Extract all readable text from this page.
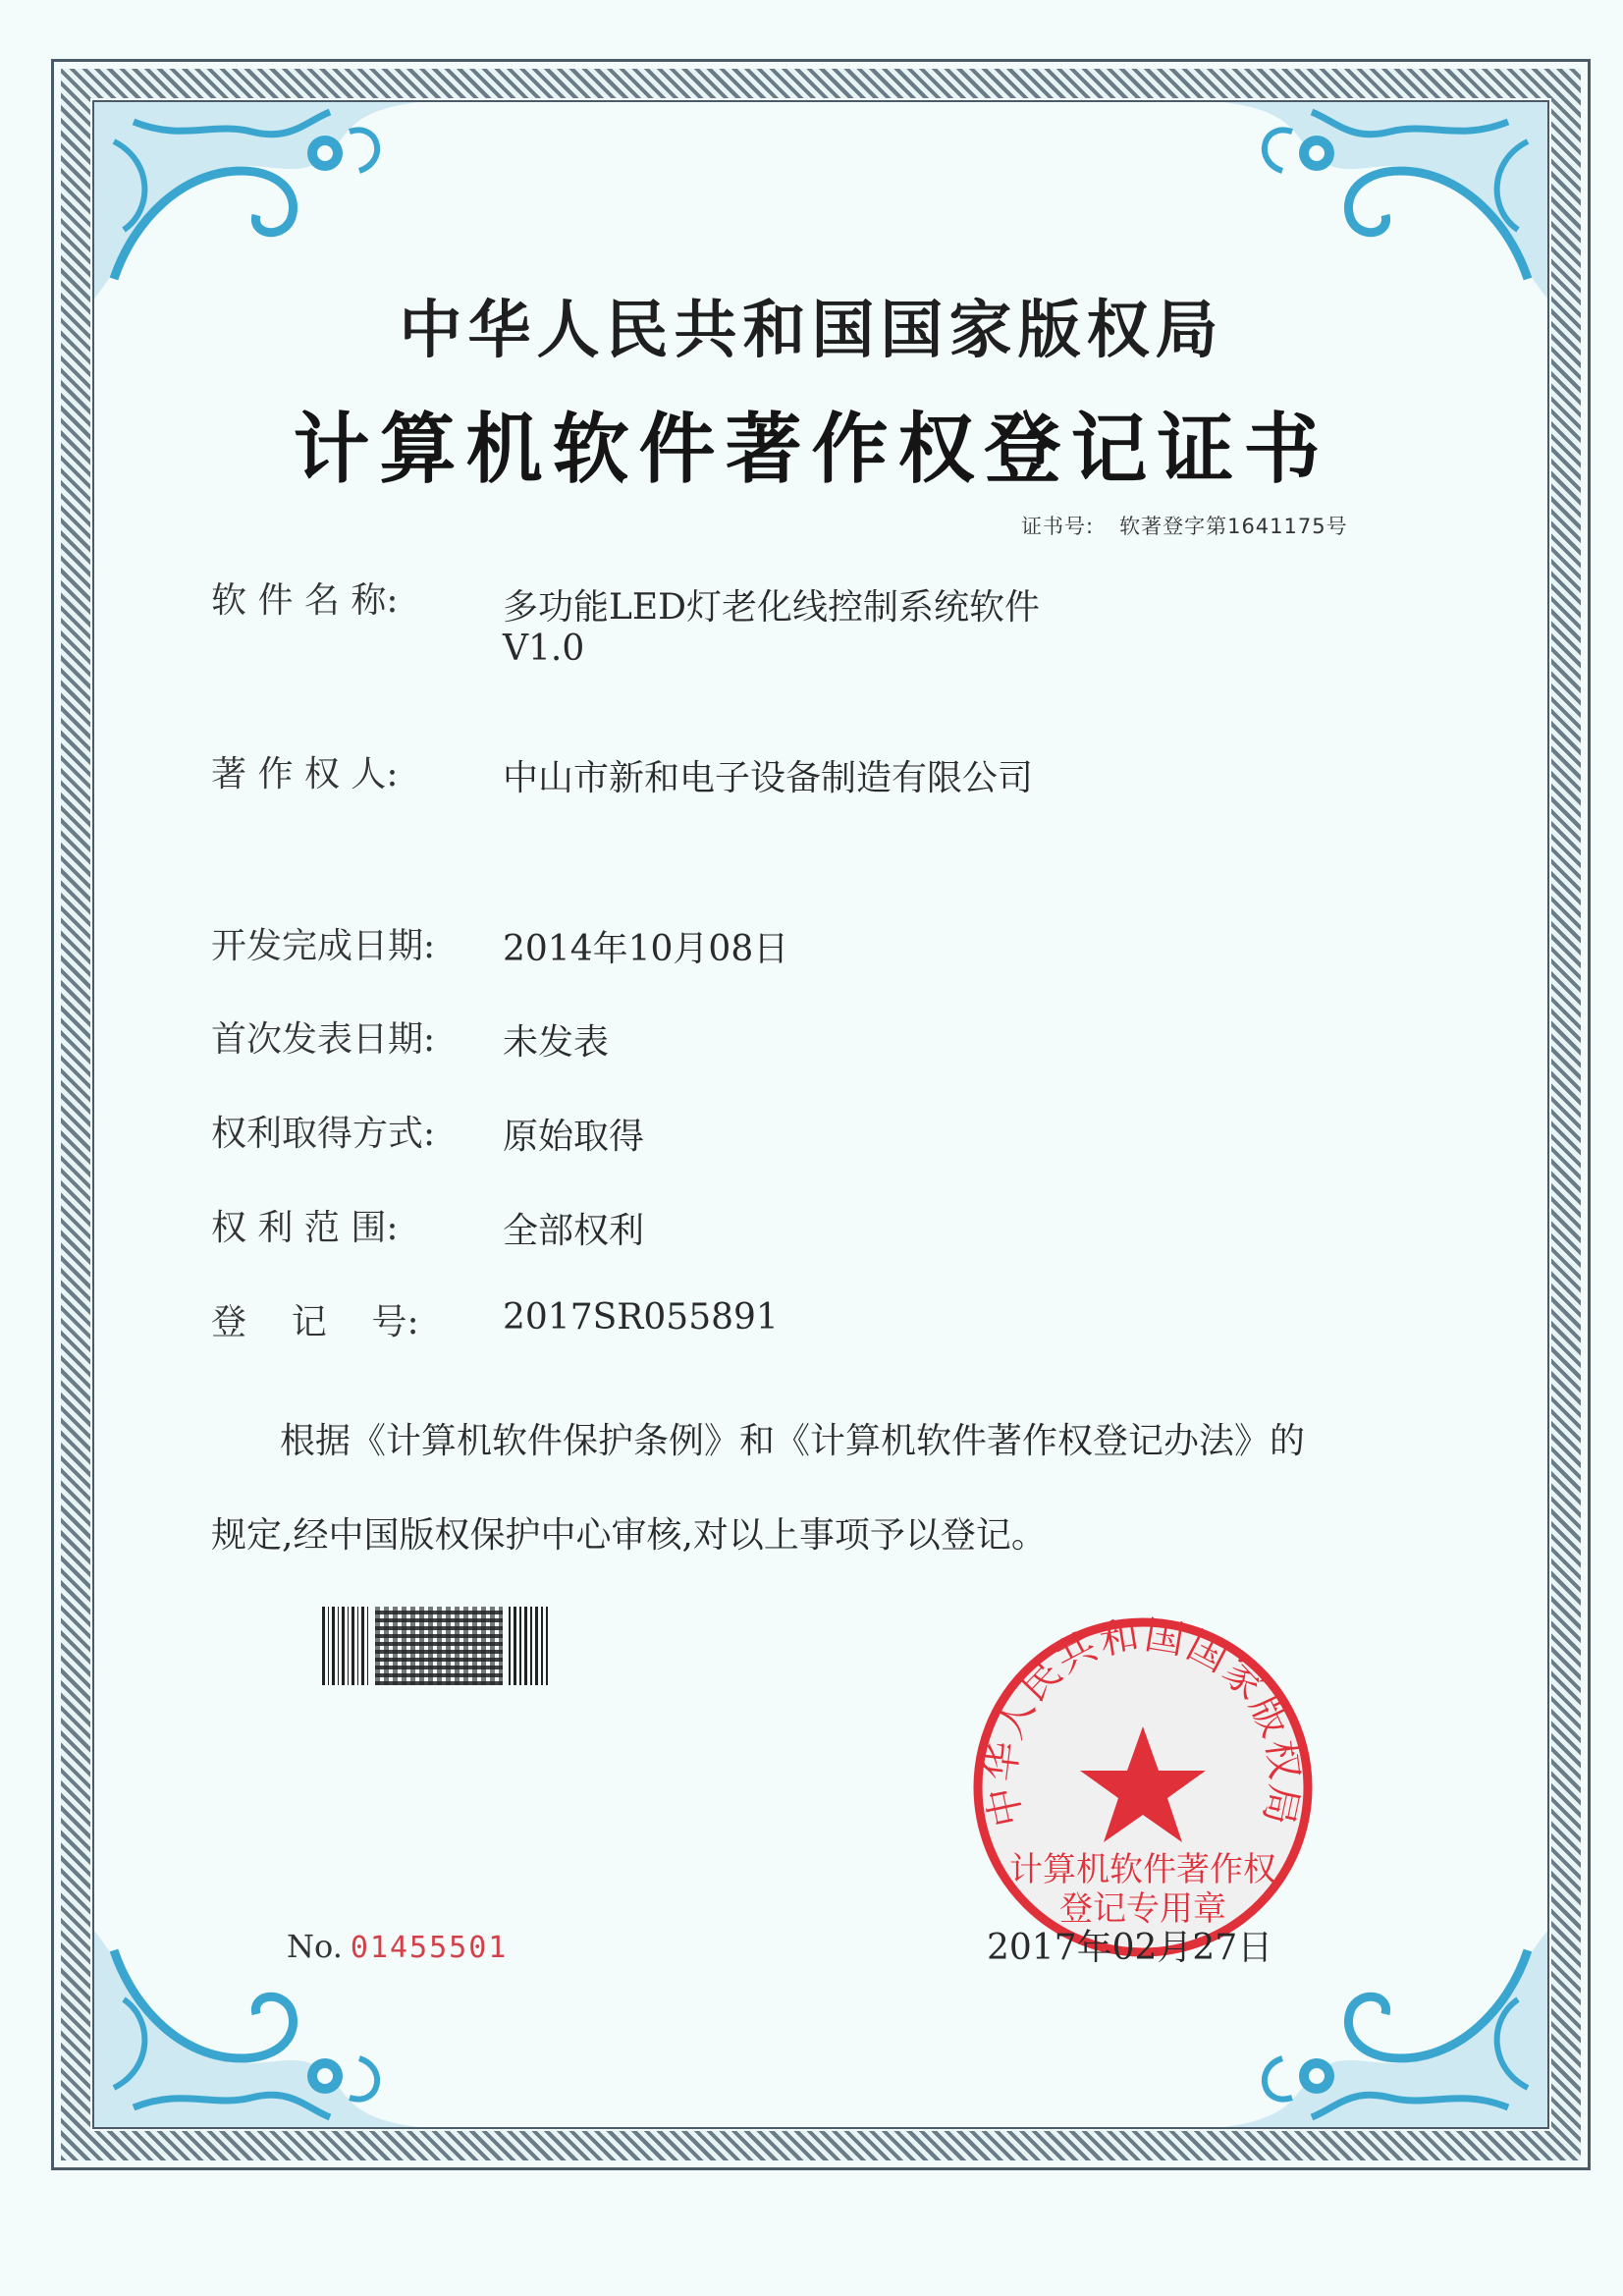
中华人民共和国国家版权局
计算机软件著作权登记证书
证书号: 软著登字第1641175号
软 件 名 称:	多功能LED灯老化线控制系统软件
V1.0
著 作 权 人:	中山市新和电子设备制造有限公司
开发完成日期: 2014年10月08日
首次发表日期: 未发表
权利取得方式: 原始取得
权 利 范 围:	全部权利
登    记    号: 2017SR055891
根据《计算机软件保护条例》和《计算机软件著作权登记办法》的
规定,经中国版权保护中心审核,对以上事项予以登记。
No. 01455501
中华人民共和国国家版权局
计算机软件著作权
登记专用章
2017年02月27日
